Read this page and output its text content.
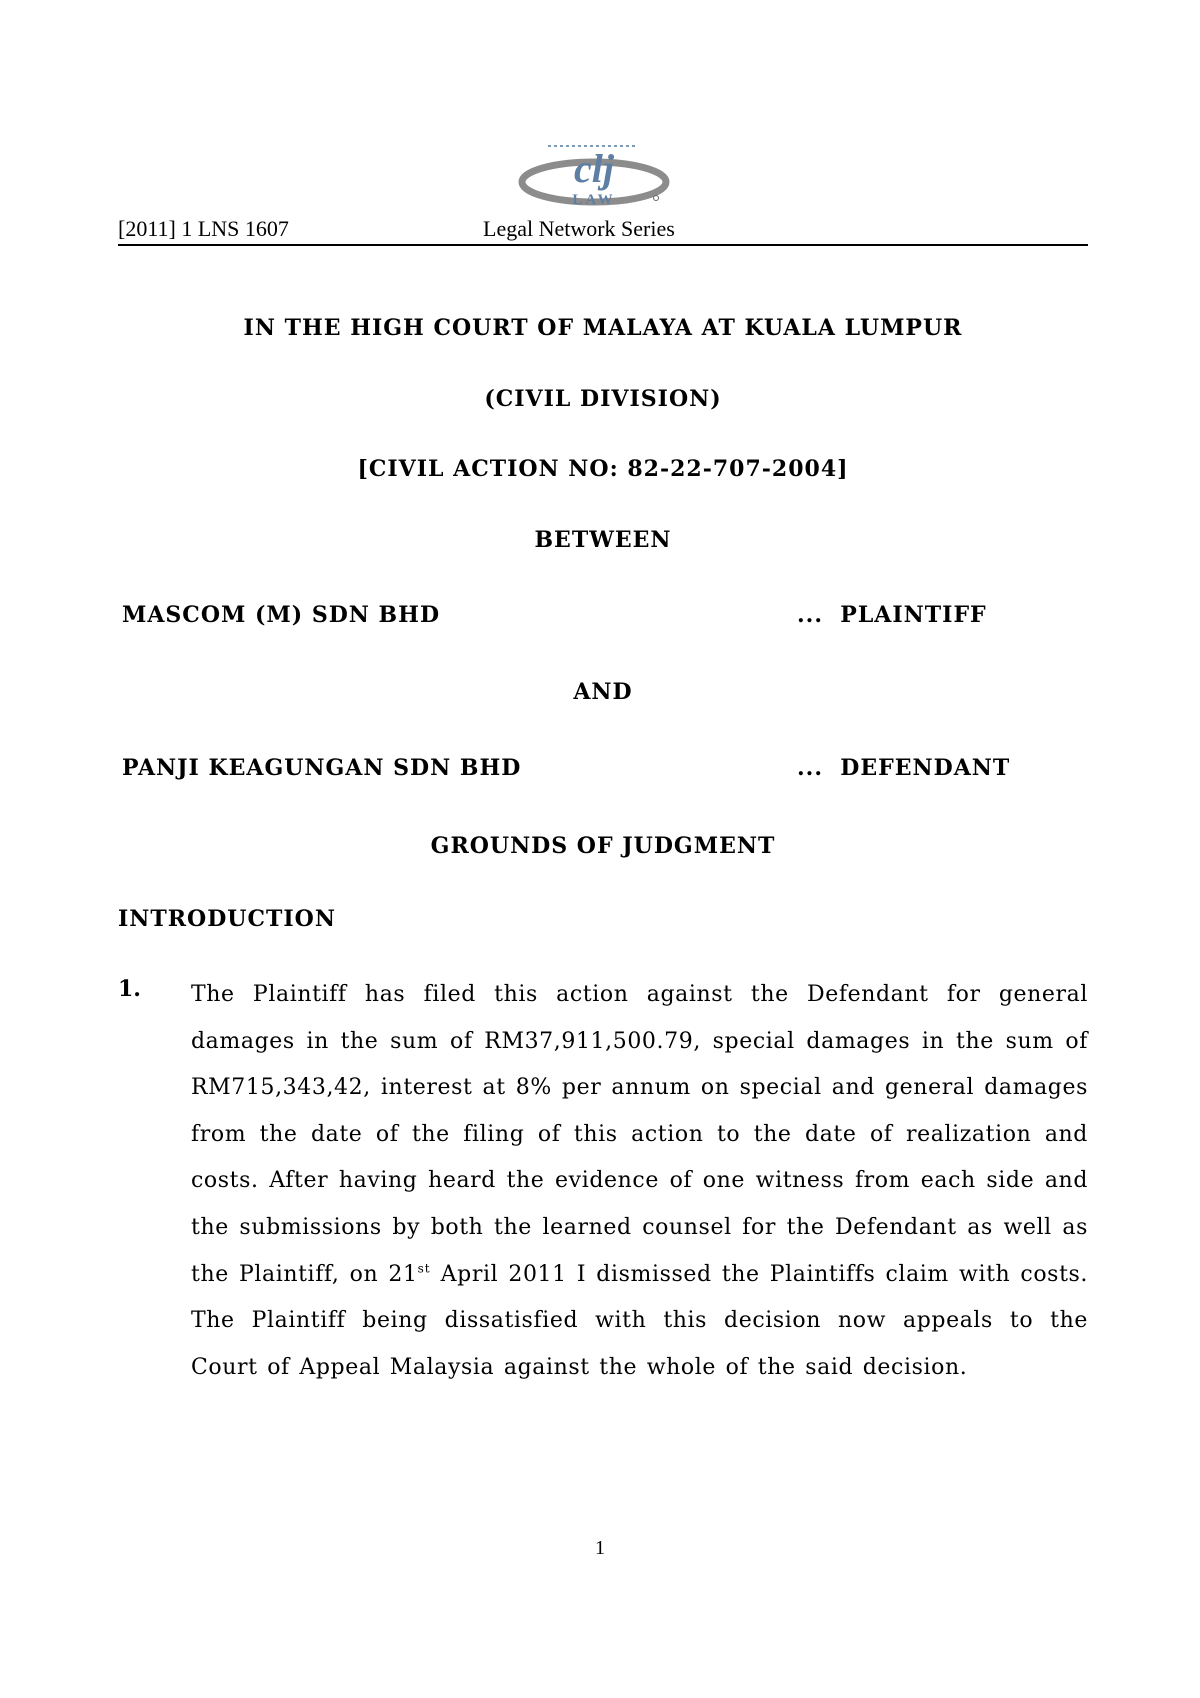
clj
LAW
[2011] 1 LNS 1607	Legal Network Series
IN THE HIGH COURT OF MALAYA AT KUALA LUMPUR
(CIVIL DIVISION)
[CIVIL ACTION NO: 82-22-707-2004]
BETWEEN
MASCOM (M) SDN BHD	...  PLAINTIFF
AND
PANJI KEAGUNGAN SDN BHD	...  DEFENDANT
GROUNDS OF JUDGMENT
INTRODUCTION
1. The Plaintiff has filed this action against the Defendant for general damages in the sum of RM37,911,500.79, special damages in the sum of RM715,343,42, interest at 8% per annum on special and general damages from the date of the filing of this action to the date of realization and costs. After having heard the evidence of one witness from each side and the submissions by both the learned counsel for the Defendant as well as the Plaintiff, on 21st April 2011 I dismissed the Plaintiffs claim with costs. The Plaintiff being dissatisfied with this decision now appeals to the Court of Appeal Malaysia against the whole of the said decision.

1
